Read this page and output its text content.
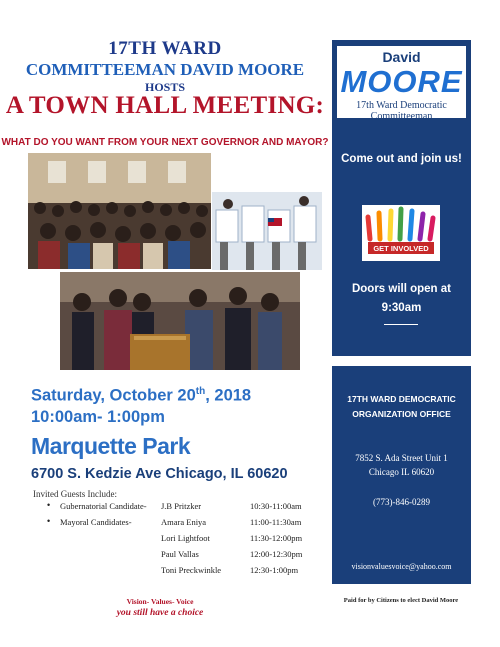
17TH WARD
COMMITTEEMAN DAVID MOORE
HOSTS
A TOWN HALL MEETING:
WHAT DO YOU WANT FROM YOUR NEXT GOVERNOR AND MAYOR?
David
MOORE
17th Ward Democratic Committeeman
Come out and join us!
GET INVOLVED
Doors will open at
9:30am
17TH WARD DEMOCRATIC
ORGANIZATION OFFICE
7852 S. Ada Street Unit 1
Chicago IL 60620
(773)-846-0289
visionvaluesvoice@yahoo.com
Paid for by Citizens to elect David Moore
Saturday, October 20th, 2018
10:00am- 1:00pm
Marquette Park
6700 S. Kedzie Ave Chicago, IL 60620
Invited Guests Include:
• Gubernatorial Candidate- J.B Pritzker	10:30-11:00am
• Mayoral Candidates-	Amara Eniya	11:00-11:30am
Lori Lightfoot	11:30-12:00pm
Paul Vallas	12:00-12:30pm
Toni Preckwinkle	12:30-1:00pm
Vision- Values- Voice
you still have a choice
